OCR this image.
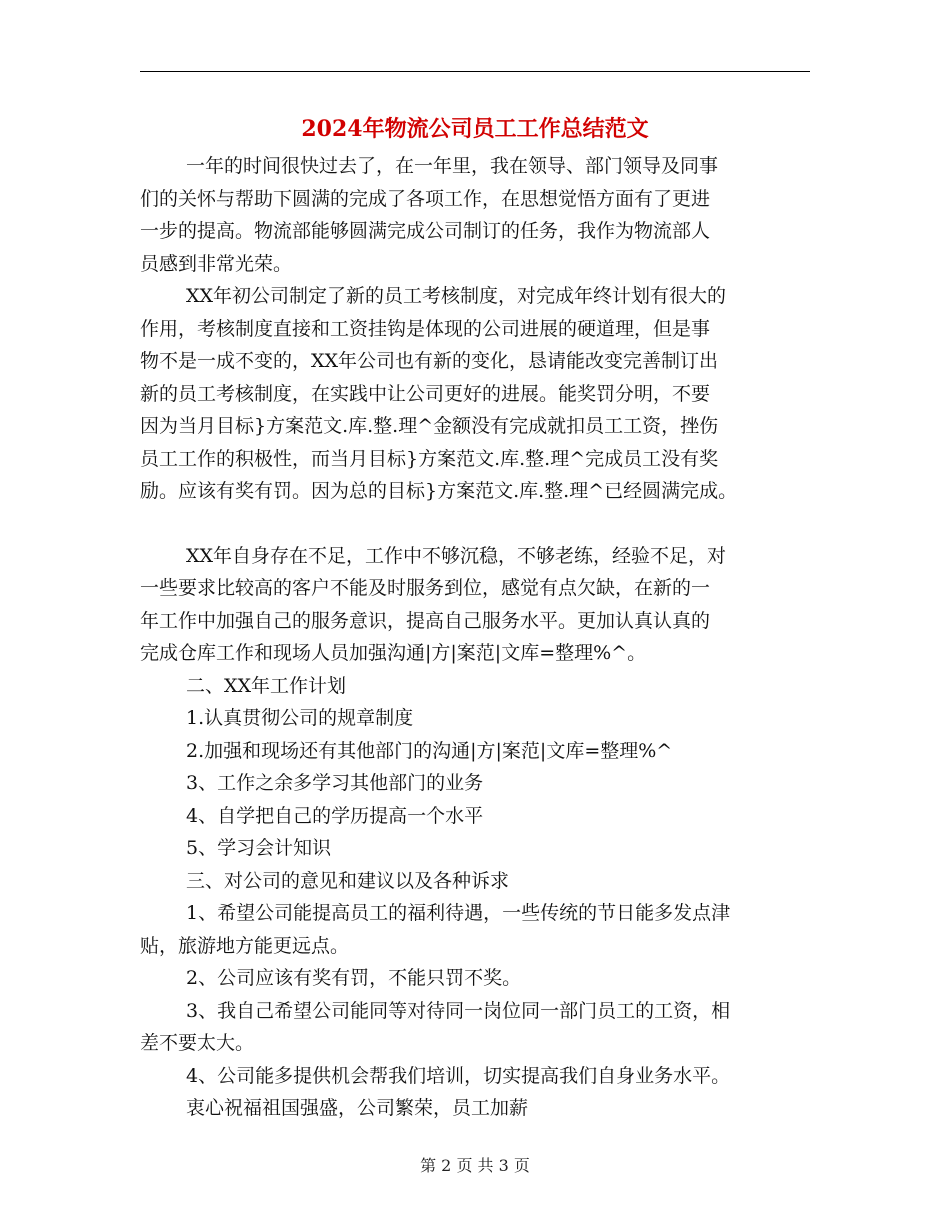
2024年物流公司员工工作总结范文
一年的时间很快过去了，在一年里，我在领导、部门领导及同事
们的关怀与帮助下圆满的完成了各项工作，在思想觉悟方面有了更进
一步的提高。物流部能够圆满完成公司制订的任务，我作为物流部人
员感到非常光荣。
XX年初公司制定了新的员工考核制度，对完成年终计划有很大的
作用，考核制度直接和工资挂钩是体现的公司进展的硬道理，但是事
物不是一成不变的，XX年公司也有新的变化，恳请能改变完善制订出
新的员工考核制度，在实践中让公司更好的进展。能奖罚分明，不要
因为当月目标}方案范文.库.整.理^金额没有完成就扣员工工资，挫伤
员工工作的积极性，而当月目标}方案范文.库.整.理^完成员工没有奖
励。应该有奖有罚。因为总的目标}方案范文.库.整.理^已经圆满完成。
XX年自身存在不足，工作中不够沉稳，不够老练，经验不足，对
一些要求比较高的客户不能及时服务到位，感觉有点欠缺，在新的一
年工作中加强自己的服务意识，提高自己服务水平。更加认真认真的
完成仓库工作和现场人员加强沟通|方|案范|文库=整理%^。
二、XX年工作计划
1.认真贯彻公司的规章制度
2.加强和现场还有其他部门的沟通|方|案范|文库=整理%^
3、工作之余多学习其他部门的业务
4、自学把自己的学历提高一个水平
5、学习会计知识
三、对公司的意见和建议以及各种诉求
1、希望公司能提高员工的福利待遇，一些传统的节日能多发点津
贴，旅游地方能更远点。
2、公司应该有奖有罚，不能只罚不奖。
3、我自己希望公司能同等对待同一岗位同一部门员工的工资，相
差不要太大。
4、公司能多提供机会帮我们培训，切实提高我们自身业务水平。
衷心祝福祖国强盛，公司繁荣，员工加薪
第 2 页 共 3 页
